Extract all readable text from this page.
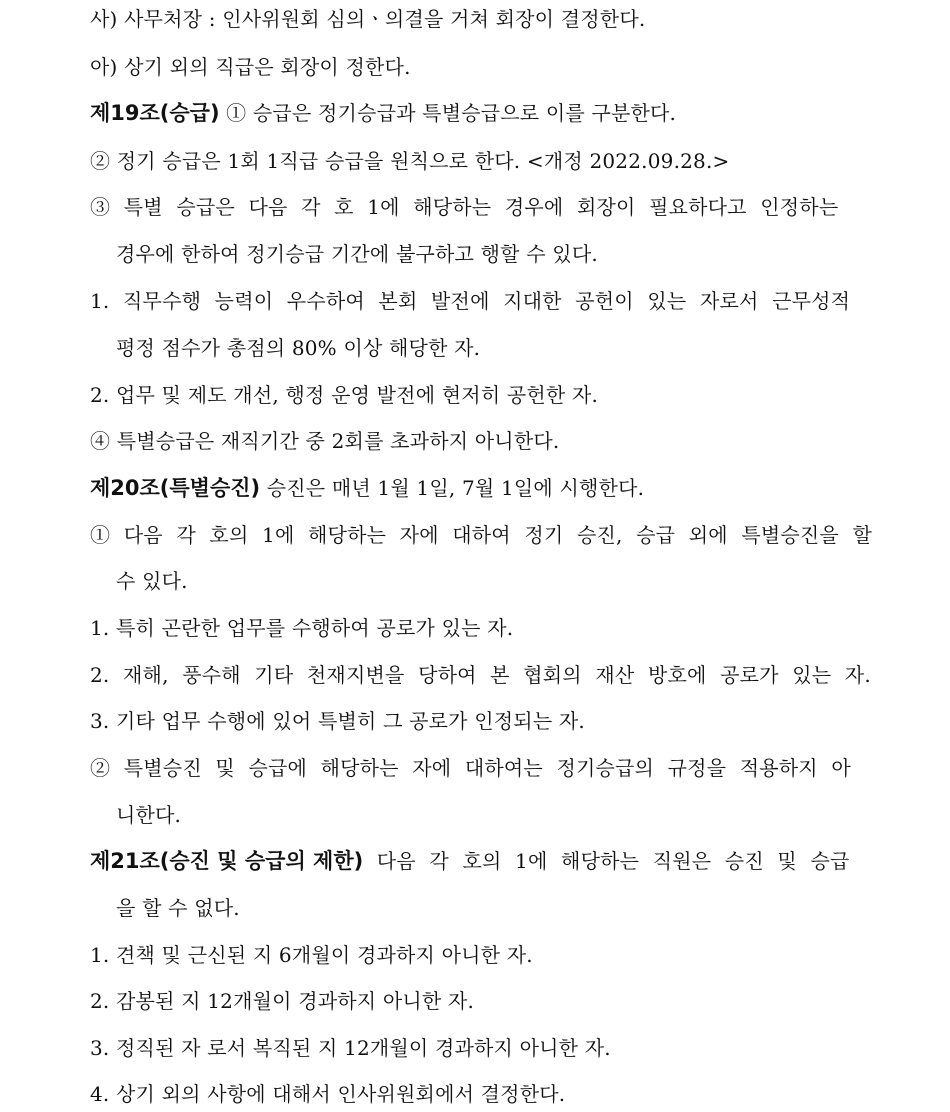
사) 사무처장 : 인사위원회 심의ㆍ의결을 거쳐 회장이 결정한다.
아) 상기 외의 직급은 회장이 정한다.
제19조(승급) ① 승급은 정기승급과 특별승급으로 이를 구분한다.
② 정기 승급은 1회 1직급 승급을 원칙으로 한다. <개정 2022.09.28.>
③ 특별 승급은 다음 각 호 1에 해당하는 경우에 회장이 필요하다고 인정하는
경우에 한하여 정기승급 기간에 불구하고 행할 수 있다.
1. 직무수행 능력이 우수하여 본회 발전에 지대한 공헌이 있는 자로서 근무성적
평정 점수가 총점의 80% 이상 해당한 자.
2. 업무 및 제도 개선, 행정 운영 발전에 현저히 공헌한 자.
④ 특별승급은 재직기간 중 2회를 초과하지 아니한다.
제20조(특별승진) 승진은 매년 1월 1일, 7월 1일에 시행한다.
① 다음 각 호의 1에 해당하는 자에 대하여 정기 승진, 승급 외에 특별승진을 할
수 있다.
1. 특히 곤란한 업무를 수행하여 공로가 있는 자.
2. 재해, 풍수해 기타 천재지변을 당하여 본 협회의 재산 방호에 공로가 있는 자.
3. 기타 업무 수행에 있어 특별히 그 공로가 인정되는 자.
② 특별승진 및 승급에 해당하는 자에 대하여는 정기승급의 규정을 적용하지 아
니한다.
제21조(승진 및 승급의 제한) 다음 각 호의 1에 해당하는 직원은 승진 및 승급
을 할 수 없다.
1. 견책 및 근신된 지 6개월이 경과하지 아니한 자.
2. 감봉된 지 12개월이 경과하지 아니한 자.
3. 정직된 자 로서 복직된 지 12개월이 경과하지 아니한 자.
4. 상기 외의 사항에 대해서 인사위원회에서 결정한다.
